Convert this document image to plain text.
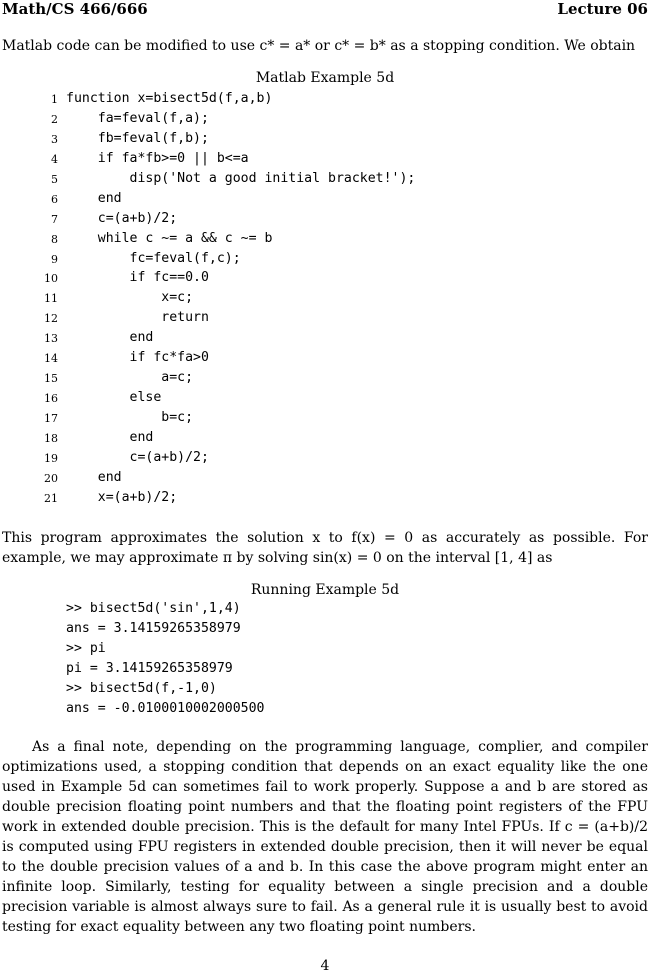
Math/CS 466/666	Lecture 06
Matlab code can be modified to use c* = a* or c* = b* as a stopping condition. We obtain
Matlab Example 5d
1 function x=bisect5d(f,a,b)
2 fa=feval(f,a);
3 fb=feval(f,b);
4 if fa*fb>=0 || b<=a
5 disp('Not a good initial bracket!');
6 end
7 c=(a+b)/2;
8 while c ~= a && c ~= b
9 fc=feval(f,c);
10 if fc==0.0
11 x=c;
12 return
13 end
14 if fc*fa>0
15 a=c;
16 else
17 b=c;
18 end
19 c=(a+b)/2;
20 end
21 x=(a+b)/2;
This program approximates the solution x to f(x) = 0 as accurately as possible. For example, we may approximate π by solving sin(x) = 0 on the interval [1, 4] as
Running Example 5d
>> bisect5d('sin',1,4)
ans = 3.14159265358979
>> pi
pi = 3.14159265358979
>> bisect5d(f,-1,0)
ans = -0.0100010002000500
As a final note, depending on the programming language, complier, and compiler optimizations used, a stopping condition that depends on an exact equality like the one used in Example 5d can sometimes fail to work properly. Suppose a and b are stored as double precision floating point numbers and that the floating point registers of the FPU work in extended double precision. This is the default for many Intel FPUs. If c = (a+b)/2 is computed using FPU registers in extended double precision, then it will never be equal to the double precision values of a and b. In this case the above program might enter an infinite loop. Similarly, testing for equality between a single precision and a double precision variable is almost always sure to fail. As a general rule it is usually best to avoid testing for exact equality between any two floating point numbers.
4
